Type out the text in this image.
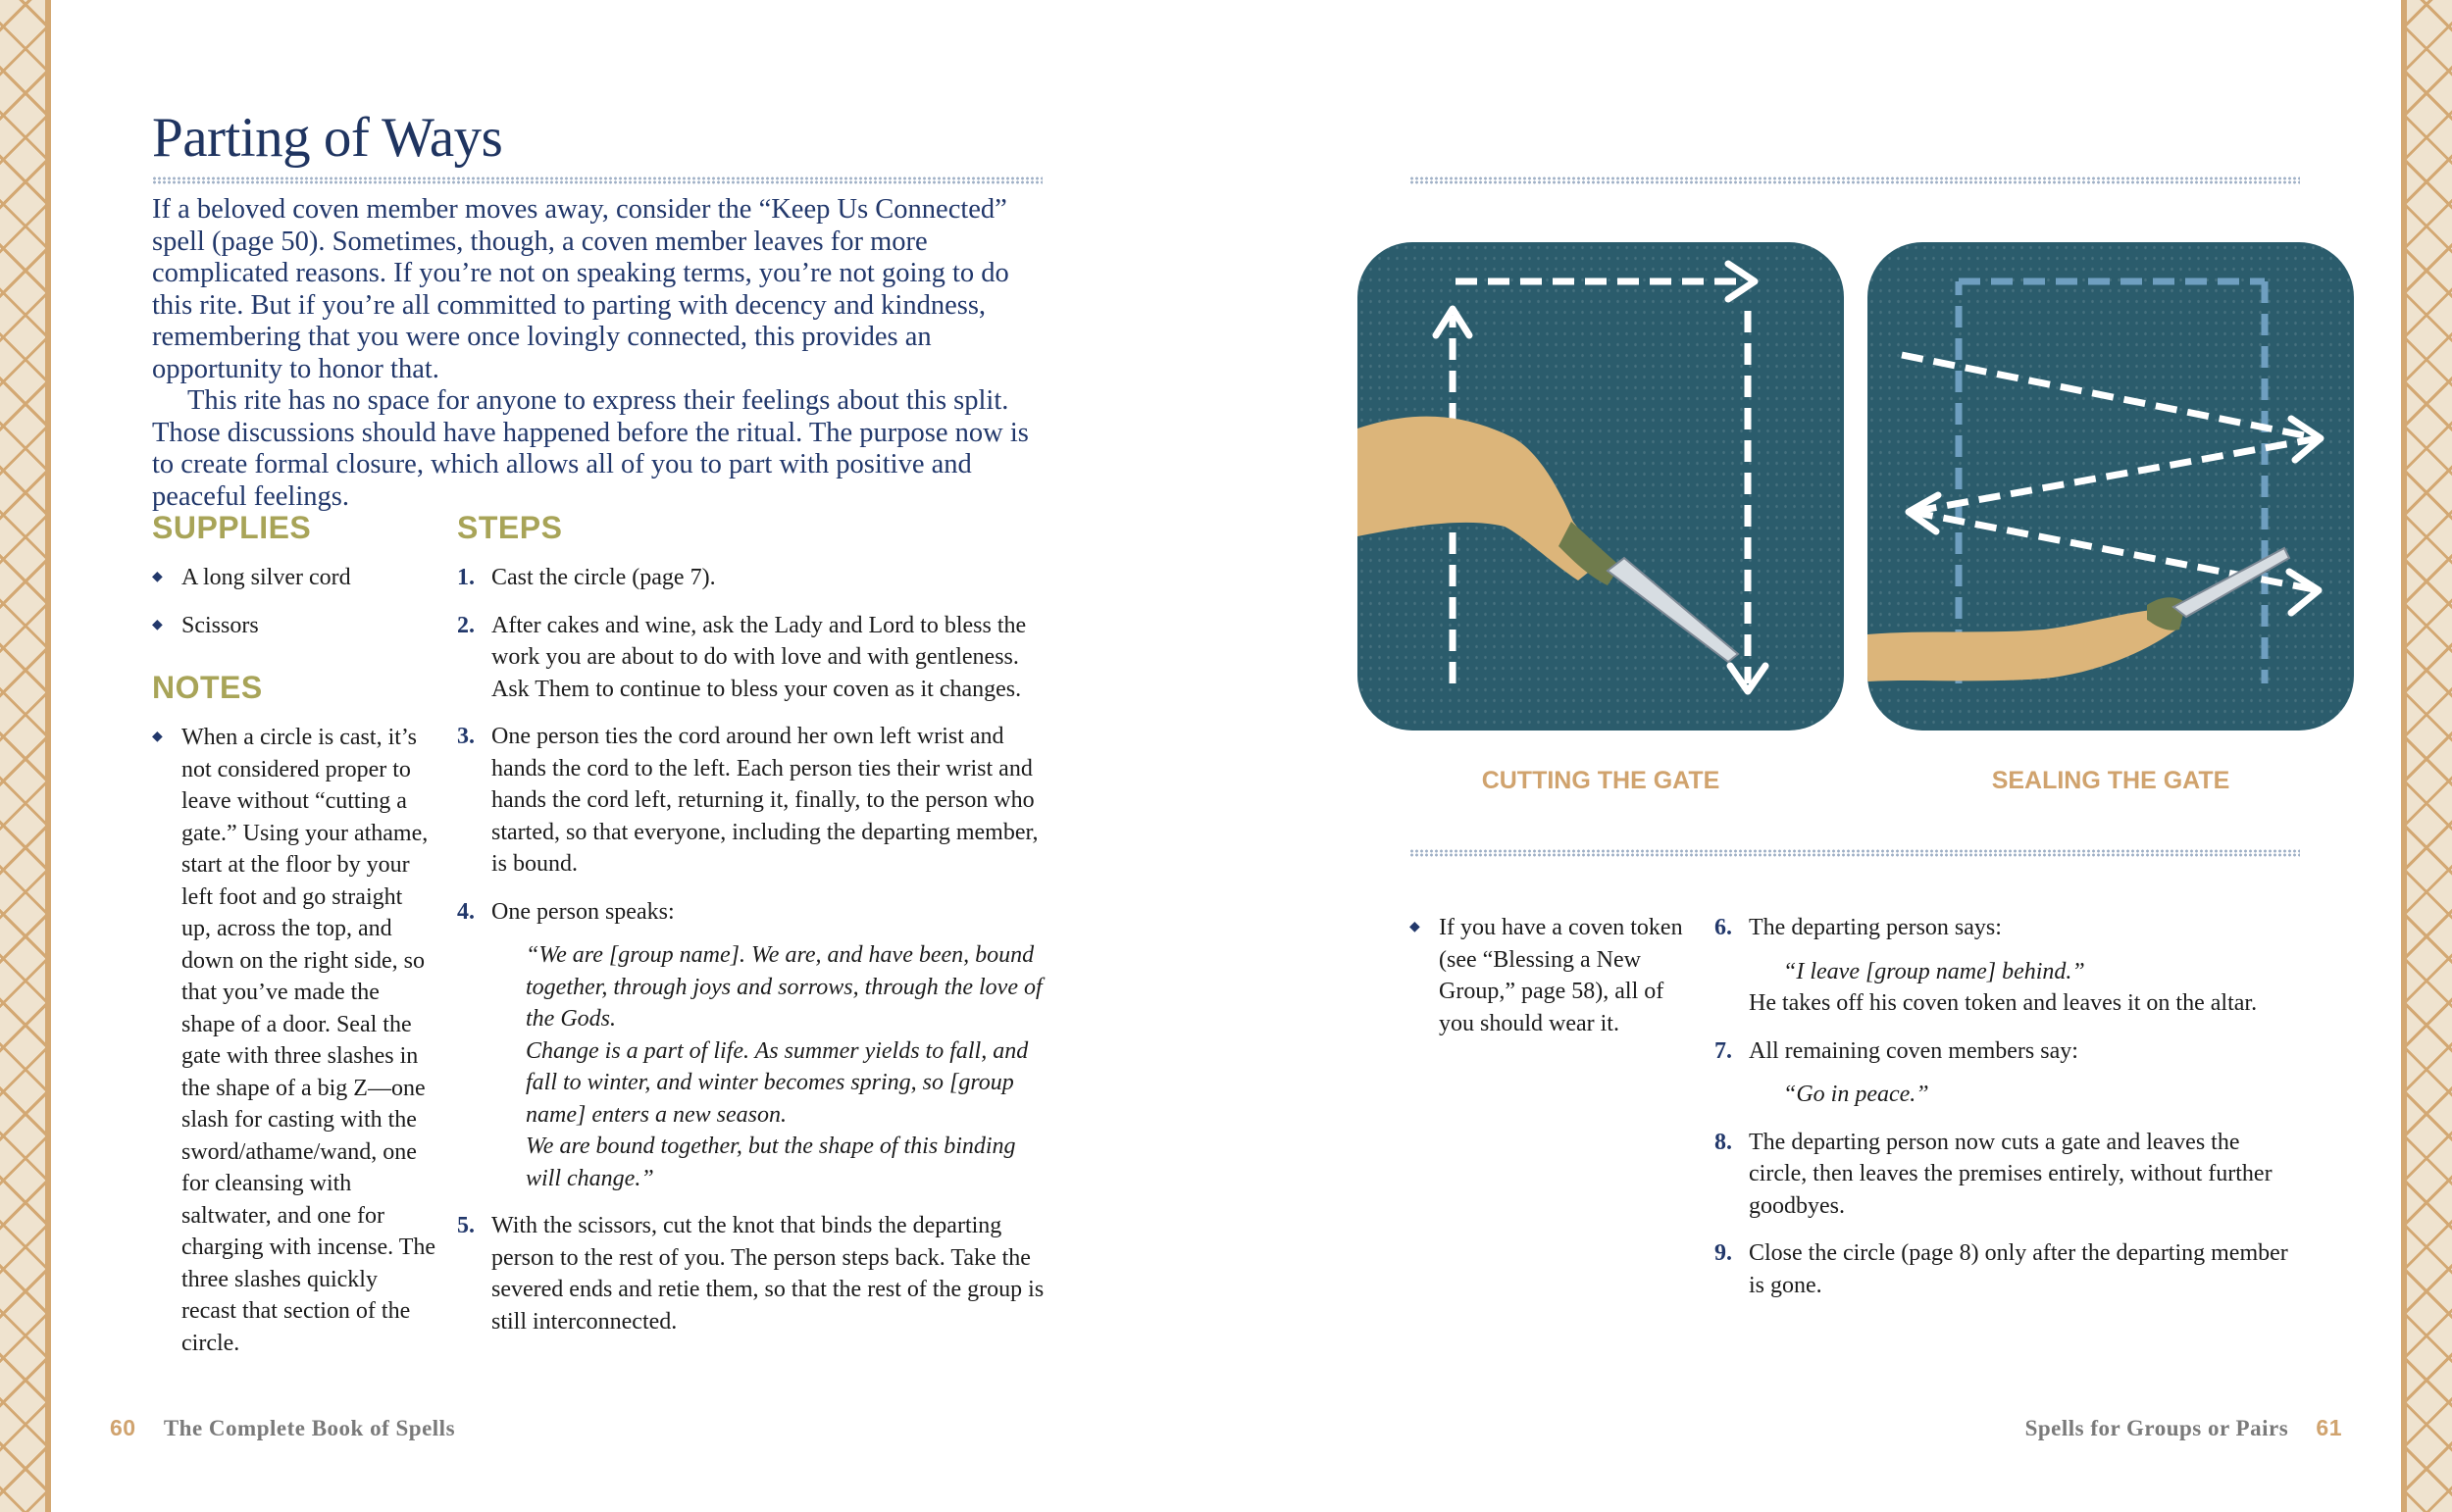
Parting of Ways

If a beloved coven member moves away, consider the “Keep Us Connected” spell (page 50). Sometimes, though, a coven member leaves for more complicated reasons. If you’re not on speaking terms, you’re not going to do this rite. But if you’re all committed to parting with decency and kindness, remembering that you were once lovingly connected, this provides an opportunity to honor that.

This rite has no space for anyone to express their feelings about this split. Those discussions should have happened before the ritual. The purpose now is to create formal closure, which allows all of you to part with positive and peaceful feelings.

SUPPLIES
◆ A long silver cord
◆ Scissors
NOTES
◆ When a circle is cast, it’s not considered proper to leave without “cutting a gate.” Using your athame, start at the floor by your left foot and go straight up, across the top, and down on the right side, so that you’ve made the shape of a door. Seal the gate with three slashes in the shape of a big Z—one slash for casting with the sword/athame/wand, one for cleansing with saltwater, and one for charging with incense. The three slashes quickly recast that section of the circle.
STEPS
1. Cast the circle (page 7).
2. After cakes and wine, ask the Lady and Lord to bless the work you are about to do with love and with gentleness. Ask Them to continue to bless your coven as it changes.
3. One person ties the cord around her own left wrist and hands the cord to the left. Each person ties their wrist and hands the cord left, returning it, finally, to the person who started, so that everyone, including the departing member, is bound.
4. One person speaks:

“We are [group name]. We are, and have been, bound together, through joys and sorrows, through the love of the Gods.

Change is a part of life. As summer yields to fall, and fall to winter, and winter becomes spring, so [group name] enters a new season.

We are bound together, but the shape of this binding will change.”

5. With the scissors, cut the knot that binds the departing person to the rest of you. The person steps back. Take the severed ends and retie them, so that the rest of the group is still interconnected.
CUTTING THE GATE	SEALING THE GATE
◆ If you have a coven token (see “Blessing a New Group,” page 58), all of you should wear it.
6. The departing person says:

“I leave [group name] behind.”

He takes off his coven token and leaves it on the altar.

7. All remaining coven members say:

“Go in peace.”

8. The departing person now cuts a gate and leaves the circle, then leaves the premises entirely, without further goodbyes.
9. Close the circle (page 8) only after the departing member is gone.
60 The Complete Book of Spells	Spells for Groups or Pairs 61
